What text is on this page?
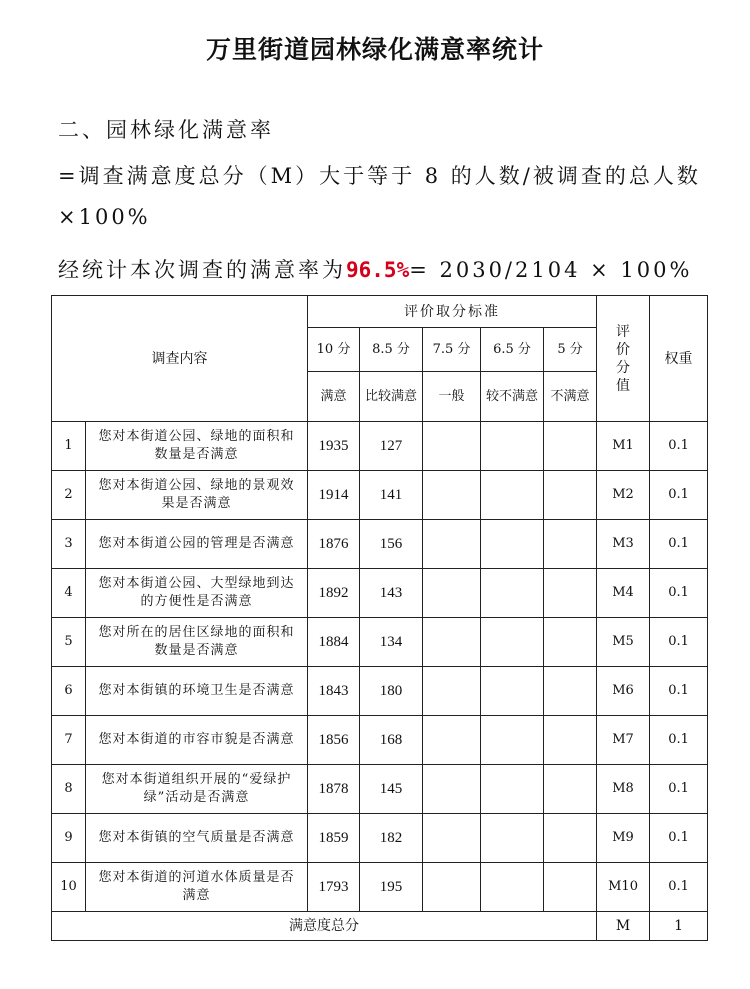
万里街道园林绿化满意率统计
二、园林绿化满意率
=调查满意度总分（M）大于等于 8 的人数/被调查的总人数
×100%
经统计本次调查的满意率为96.5%= 2030/2104 × 100%
调查内容		评价取分标准					评价分值	权重
		10 分	8.5 分	7.5 分	6.5 分	5 分		
		满意	比较满意	一般	较不满意	不满意		
1	您对本街道公园、绿地的面积和数量是否满意	1935	127				M1	0.1
2	您对本街道公园、绿地的景观效果是否满意	1914	141				M2	0.1
3	您对本街道公园的管理是否满意	1876	156				M3	0.1
4	您对本街道公园、大型绿地到达的方便性是否满意	1892	143				M4	0.1
5	您对所在的居住区绿地的面积和数量是否满意	1884	134				M5	0.1
6	您对本街镇的环境卫生是否满意	1843	180				M6	0.1
7	您对本街道的市容市貌是否满意	1856	168				M7	0.1
8	您对本街道组织开展的“爱绿护绿”活动是否满意	1878	145				M8	0.1
9	您对本街镇的空气质量是否满意	1859	182				M9	0.1
10	您对本街道的河道水体质量是否满意	1793	195				M10	0.1
满意度总分							M	1
